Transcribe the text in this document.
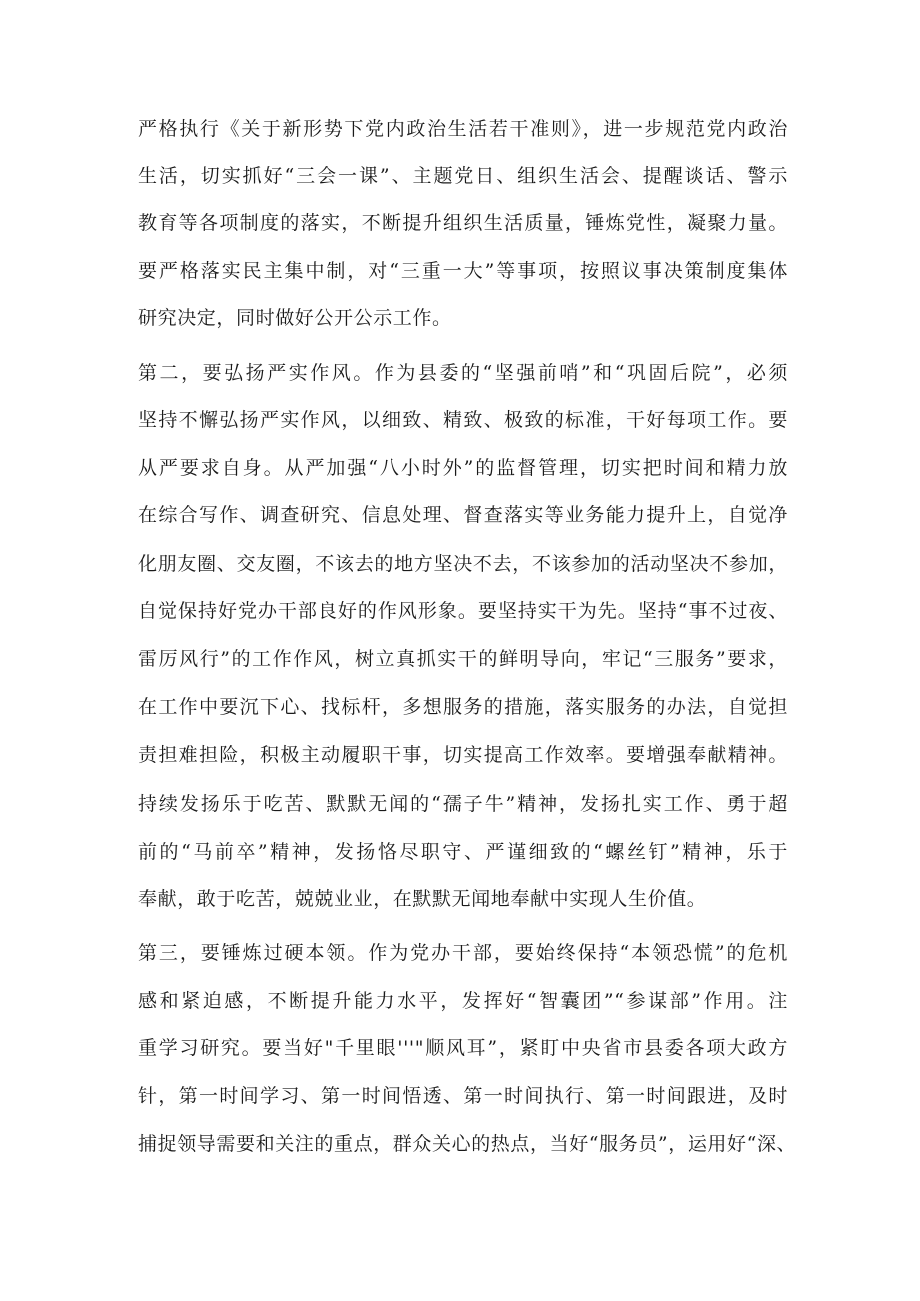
严格执行《关于新形势下党内政治生活若干准则》，进一步规范党内政治
生活，切实抓好“三会一课”、主题党日、组织生活会、提醒谈话、警示
教育等各项制度的落实，不断提升组织生活质量，锤炼党性，凝聚力量。
要严格落实民主集中制，对“三重一大”等事项，按照议事决策制度集体
研究决定，同时做好公开公示工作。
第二，要弘扬严实作风。作为县委的“坚强前哨”和“巩固后院”，必须
坚持不懈弘扬严实作风，以细致、精致、极致的标准，干好每项工作。要
从严要求自身。从严加强“八小时外”的监督管理，切实把时间和精力放
在综合写作、调查研究、信息处理、督查落实等业务能力提升上，自觉净
化朋友圈、交友圈，不该去的地方坚决不去，不该参加的活动坚决不参加，
自觉保持好党办干部良好的作风形象。要坚持实干为先。坚持“事不过夜、
雷厉风行”的工作作风，树立真抓实干的鲜明导向，牢记“三服务”要求，
在工作中要沉下心、找标杆，多想服务的措施，落实服务的办法，自觉担
责担难担险，积极主动履职干事，切实提高工作效率。要增强奉献精神。
持续发扬乐于吃苦、默默无闻的“孺子牛”精神，发扬扎实工作、勇于超
前的“马前卒”精神，发扬恪尽职守、严谨细致的“螺丝钉”精神，乐于
奉献，敢于吃苦，兢兢业业，在默默无闻地奉献中实现人生价值。
第三，要锤炼过硬本领。作为党办干部，要始终保持“本领恐慌”的危机
感和紧迫感，不断提升能力水平，发挥好“智囊团”“参谋部”作用。注
重学习研究。要当好"千里眼'''"顺风耳”，紧盯中央省市县委各项大政方
针，第一时间学习、第一时间悟透、第一时间执行、第一时间跟进，及时
捕捉领导需要和关注的重点，群众关心的热点，当好“服务员”，运用好“深、
